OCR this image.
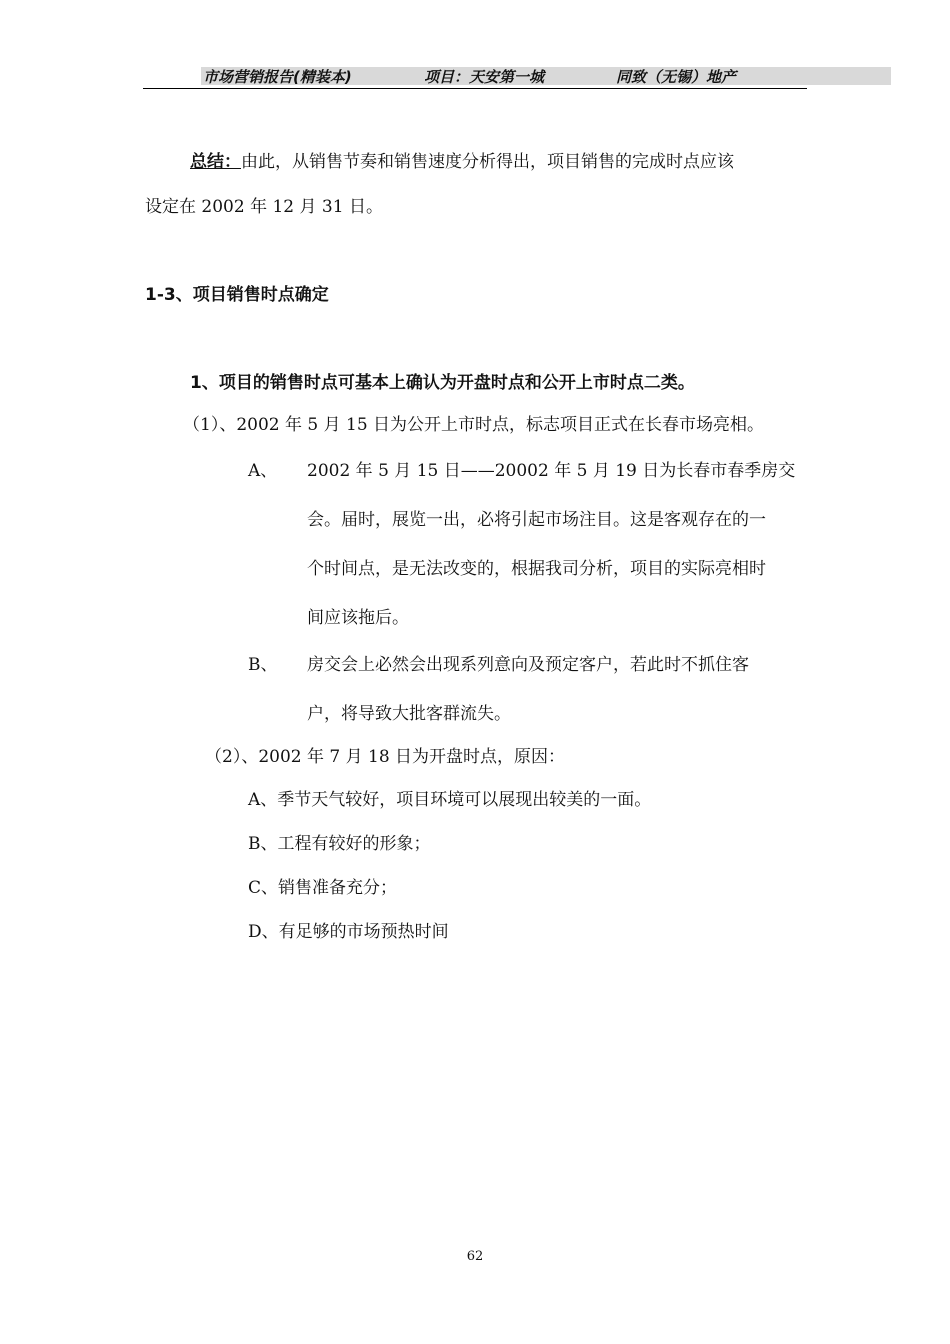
市场营销报告(精装本)	项目：天安第一城	同致（无锡）地产
总结：由此，从销售节奏和销售速度分析得出，项目销售的完成时点应该
设定在 2002 年 12 月 31 日。
1-3、项目销售时点确定
1、项目的销售时点可基本上确认为开盘时点和公开上市时点二类。
（1）、2002 年 5 月 15 日为公开上市时点，标志项目正式在长春市场亮相。
A、 2002 年 5 月 15 日——20002 年 5 月 19 日为长春市春季房交
会。届时，展览一出，必将引起市场注目。这是客观存在的一
个时间点，是无法改变的，根据我司分析，项目的实际亮相时
间应该拖后。
B、 房交会上必然会出现系列意向及预定客户，若此时不抓住客
户，将导致大批客群流失。
（2）、2002 年 7 月 18 日为开盘时点，原因：
A、季节天气较好，项目环境可以展现出较美的一面。
B、工程有较好的形象；
C、销售准备充分；
D、有足够的市场预热时间
62
